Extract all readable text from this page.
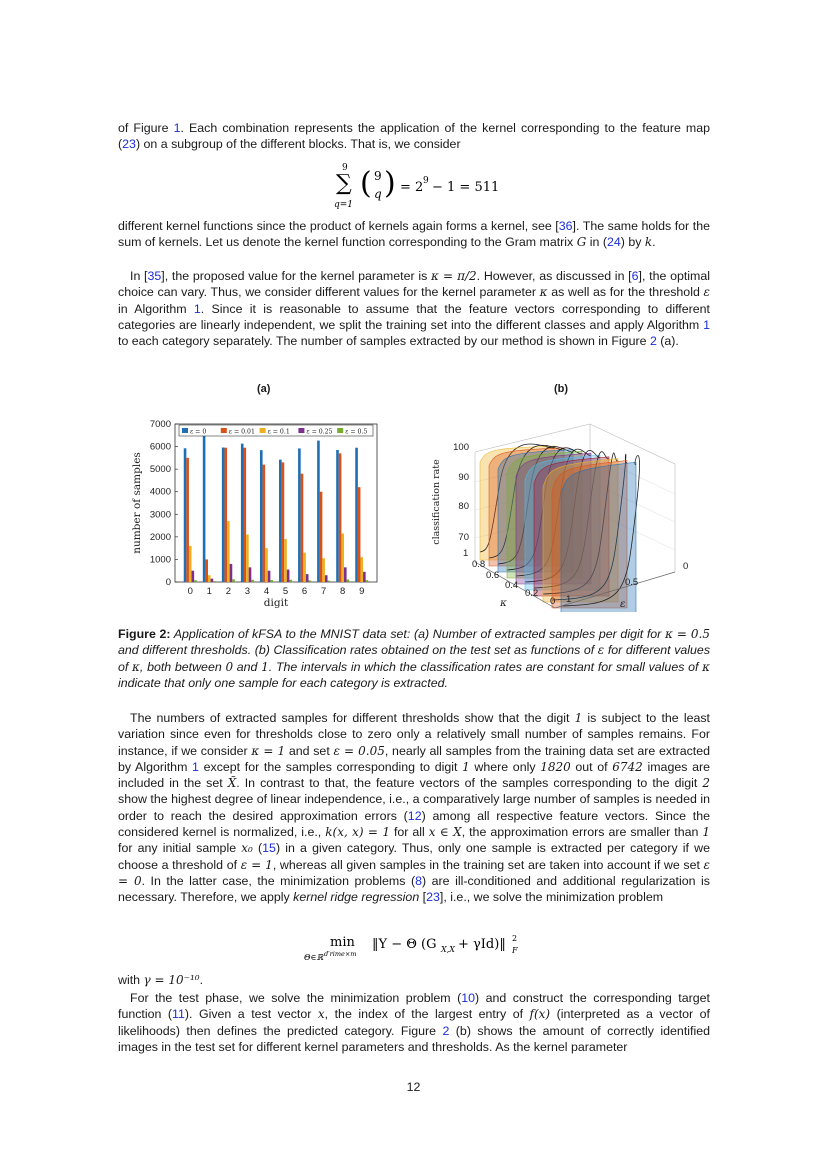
of Figure 1. Each combination represents the application of the kernel corresponding to the feature map (23) on a subgroup of the different blocks. That is, we consider

9
∑
q=1
( 9
q ) = 2 9 − 1 = 511

different kernel functions since the product of kernels again forms a kernel, see [36]. The same holds for the sum of kernels. Let us denote the kernel function corresponding to the Gram matrix G in (24) by k.

In [35], the proposed value for the kernel parameter is κ = π/2. However, as discussed in [6], the optimal choice can vary. Thus, we consider different values for the kernel parameter κ as well as for the threshold ε in Algorithm 1. Since it is reasonable to assume that the feature vectors corresponding to different categories are linearly independent, we split the training set into the different classes and apply Algorithm 1 to each category separately. The number of samples extracted by our method is shown in Figure 2 (a).

(a)	(b)
0
1000
2000
3000
4000
5000
6000
7000
0 1 2 3 4 5 6 7 8 9
digit
number of samples
ε = 0	ε = 0.01 ε = 0.1	ε = 0.25 ε = 0.5
70
80
90
100
classification rate
1
0.8
0.6
0.4
0.2
0
κ	1
0.5
0
ε

Figure 2: Application of kFSA to the MNIST data set: (a) Number of extracted samples per digit for κ = 0.5 and different thresholds. (b) Classification rates obtained on the test set as functions of ε for different values of κ, both between 0 and 1. The intervals in which the classification rates are constant for small values of κ indicate that only one sample for each category is extracted.

The numbers of extracted samples for different thresholds show that the digit 1 is subject to the least variation since even for thresholds close to zero only a relatively small number of samples remains. For instance, if we consider κ = 1 and set ε = 0.05, nearly all samples from the training data set are extracted by Algorithm 1 except for the samples corresponding to digit 1 where only 1820 out of 6742 images are included in the set X̃. In contrast to that, the feature vectors of the samples corresponding to the digit 2 show the highest degree of linear independence, i.e., a comparatively large number of samples is needed in order to reach the desired approximation errors (12) among all respective feature vectors. Since the considered kernel is normalized, i.e., k(x, x) = 1 for all x ∈ X, the approximation errors are smaller than 1 for any initial sample x₀ (15) in a given category. Thus, only one sample is extracted per category if we choose a threshold of ε = 1, whereas all given samples in the training set are taken into account if we set ε = 0. In the latter case, the minimization problems (8) are ill-conditioned and additional regularization is necessary. Therefore, we apply kernel ridge regression [23], i.e., we solve the minimization problem

min
Θ∈ℝ d′rime×m
‖Y − Θ (G X,X + γId)‖ 2
F

with γ = 10⁻¹⁰.

For the test phase, we solve the minimization problem (10) and construct the corresponding target function (11). Given a test vector x, the index of the largest entry of f(x) (interpreted as a vector of likelihoods) then defines the predicted category. Figure 2 (b) shows the amount of correctly identified images in the test set for different kernel parameters and thresholds. As the kernel parameter

12
